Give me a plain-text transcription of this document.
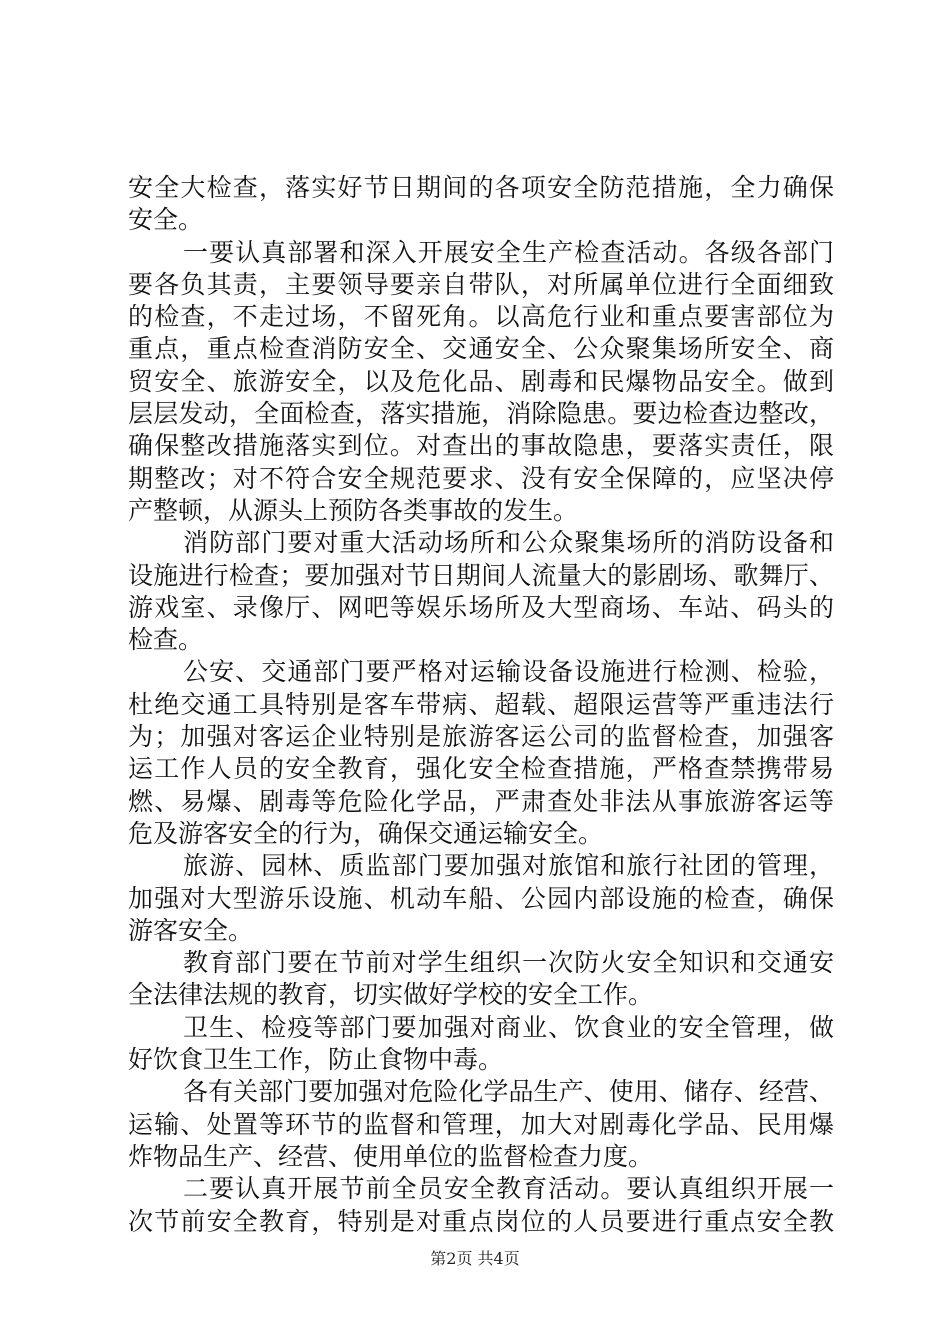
安全大检查，落实好节日期间的各项安全防范措施，全力确保
安全。
一要认真部署和深入开展安全生产检查活动。各级各部门
要各负其责，主要领导要亲自带队，对所属单位进行全面细致
的检查，不走过场，不留死角。以高危行业和重点要害部位为
重点，重点检查消防安全、交通安全、公众聚集场所安全、商
贸安全、旅游安全，以及危化品、剧毒和民爆物品安全。做到
层层发动，全面检查，落实措施，消除隐患。要边检查边整改，
确保整改措施落实到位。对查出的事故隐患，要落实责任，限
期整改；对不符合安全规范要求、没有安全保障的，应坚决停
产整顿，从源头上预防各类事故的发生。
消防部门要对重大活动场所和公众聚集场所的消防设备和
设施进行检查；要加强对节日期间人流量大的影剧场、歌舞厅、
游戏室、录像厅、网吧等娱乐场所及大型商场、车站、码头的
检查。
公安、交通部门要严格对运输设备设施进行检测、检验，
杜绝交通工具特别是客车带病、超载、超限运营等严重违法行
为；加强对客运企业特别是旅游客运公司的监督检查，加强客
运工作人员的安全教育，强化安全检查措施，严格查禁携带易
燃、易爆、剧毒等危险化学品，严肃查处非法从事旅游客运等
危及游客安全的行为，确保交通运输安全。
旅游、园林、质监部门要加强对旅馆和旅行社团的管理，
加强对大型游乐设施、机动车船、公园内部设施的检查，确保
游客安全。
教育部门要在节前对学生组织一次防火安全知识和交通安
全法律法规的教育，切实做好学校的安全工作。
卫生、检疫等部门要加强对商业、饮食业的安全管理，做
好饮食卫生工作，防止食物中毒。
各有关部门要加强对危险化学品生产、使用、储存、经营、
运输、处置等环节的监督和管理，加大对剧毒化学品、民用爆
炸物品生产、经营、使用单位的监督检查力度。
二要认真开展节前全员安全教育活动。要认真组织开展一
次节前安全教育，特别是对重点岗位的人员要进行重点安全教
第2页 共4页
